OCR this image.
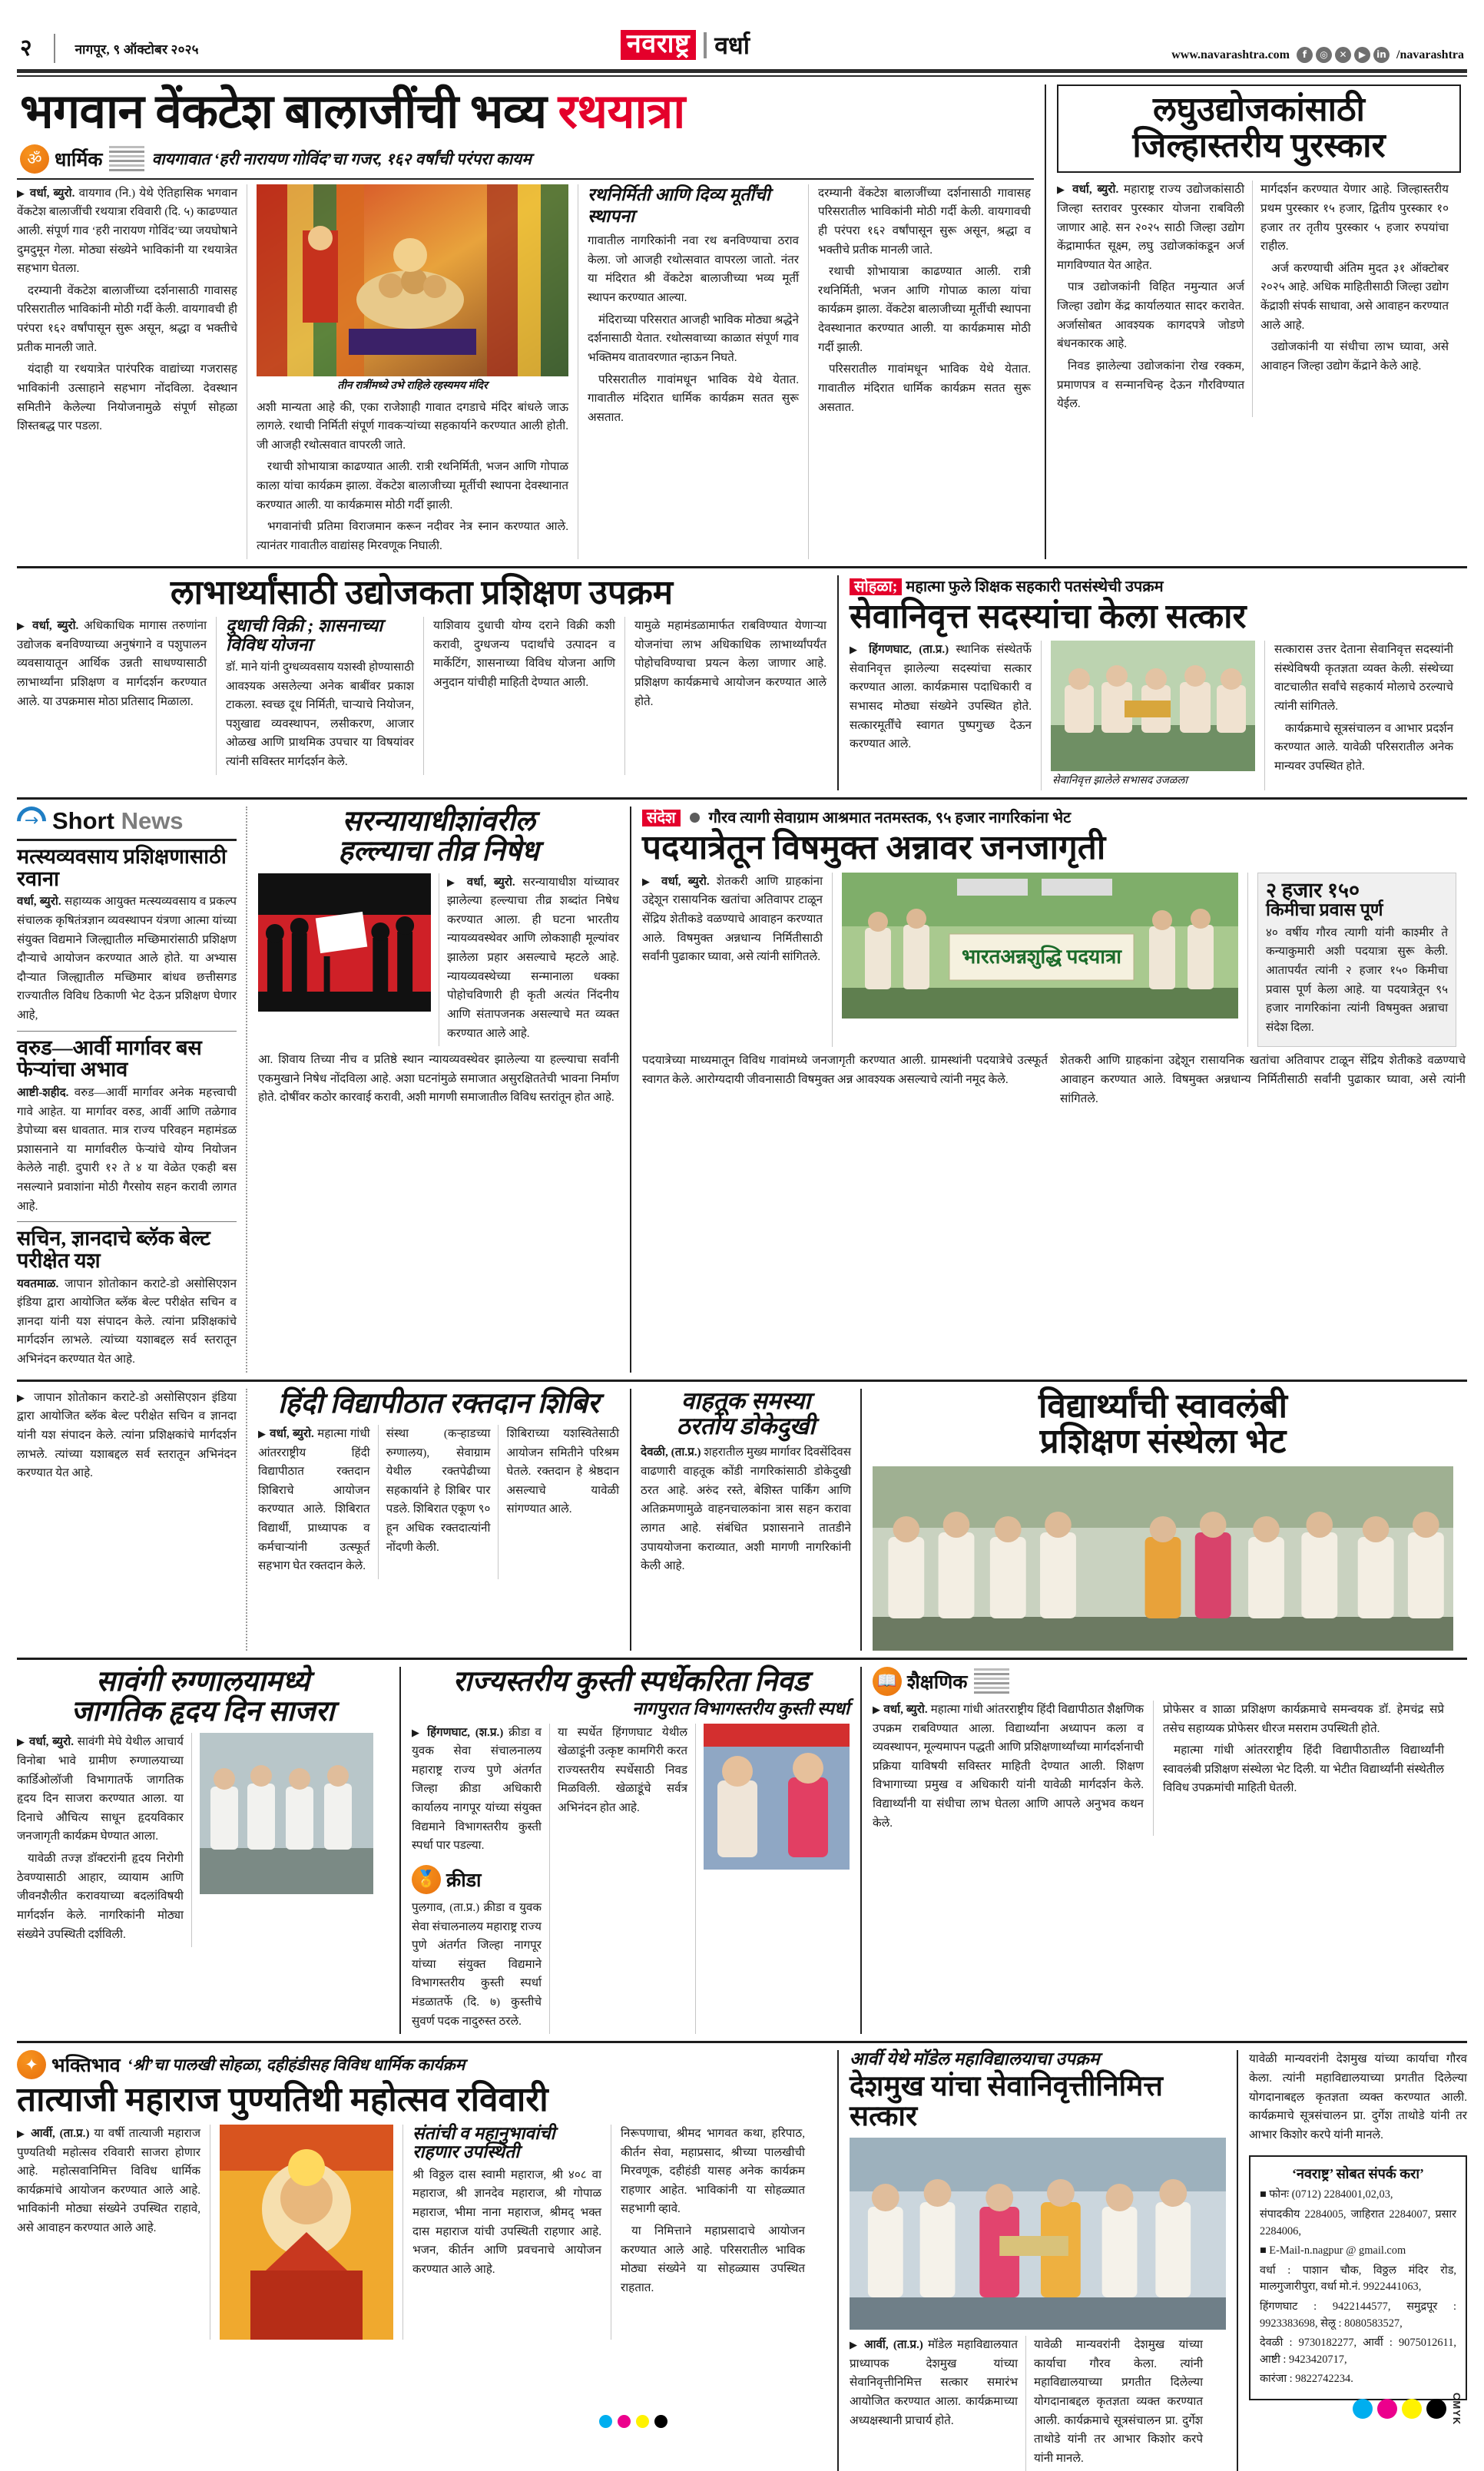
२	नागपूर, ९ ऑक्टोबर २०२५	नवराष्ट्र वर्धा	www.navarashtra.com	f	◎	✕	▶	in /navarashtra
भगवान वेंकटेश बालाजींची भव्य रथयात्रा
ॐ धार्मिक	वायगावात ‘हरी नारायण गोविंद’चा गजर, १६२ वर्षांची परंपरा कायम

▶ वर्धा, ब्युरो. वायगाव (नि.) येथे ऐतिहासिक भगवान वेंकटेश बालाजींची रथयात्रा रविवारी (दि. ५) काढण्यात आली. संपूर्ण गाव ‘हरी नारायण गोविंद’च्या जयघोषाने दुमदुमून गेला. मोठ्या संख्येने भाविकांनी या रथयात्रेत सहभाग घेतला.

दरम्यानी वेंकटेश बालाजींच्या दर्शनासाठी गावासह परिसरातील भाविकांनी मोठी गर्दी केली. वायगावची ही परंपरा १६२ वर्षांपासून सुरू असून, श्रद्धा व भक्तीचे प्रतीक मानली जाते.

यंदाही या रथयात्रेत पारंपरिक वाद्यांच्या गजरासह भाविकांनी उत्साहाने सहभाग नोंदविला. देवस्थान समितीने केलेल्या नियोजनामुळे संपूर्ण सोहळा शिस्तबद्ध पार पडला.

तीन रात्रींमध्ये उभे राहिले रहस्यमय मंदिर

अशी मान्यता आहे की, एका राजेशाही गावात दगडाचे मंदिर बांधले जाऊ लागले. रथाची निर्मिती संपूर्ण गावकऱ्यांच्या सहकार्याने करण्यात आली होती. जी आजही रथोत्सवात वापरली जाते.

रथाची शोभायात्रा काढण्यात आली. रात्री रथनिर्मिती, भजन आणि गोपाळ काला यांचा कार्यक्रम झाला. वेंकटेश बालाजीच्या मूर्तीची स्थापना देवस्थानात करण्यात आली. या कार्यक्रमास मोठी गर्दी झाली.

भगवानांची प्रतिमा विराजमान करून नदीवर नेत्र स्नान करण्यात आले. त्यानंतर गावातील वाद्यांसह मिरवणूक निघाली.

रथनिर्मिती आणि दिव्य मूर्तींची स्थापना

गावातील नागरिकांनी नवा रथ बनविण्याचा ठराव केला. जो आजही रथोत्सवात वापरला जातो. नंतर या मंदिरात श्री वेंकटेश बालाजीच्या भव्य मूर्ती स्थापन करण्यात आल्या.

मंदिराच्या परिसरात आजही भाविक मोठ्या श्रद्धेने दर्शनासाठी येतात. रथोत्सवाच्या काळात संपूर्ण गाव भक्तिमय वातावरणात न्हाऊन निघते.

परिसरातील गावांमधून भाविक येथे येतात. गावातील मंदिरात धार्मिक कार्यक्रम सतत सुरू असतात.

दरम्यानी वेंकटेश बालाजींच्या दर्शनासाठी गावासह परिसरातील भाविकांनी मोठी गर्दी केली. वायगावची ही परंपरा १६२ वर्षांपासून सुरू असून, श्रद्धा व भक्तीचे प्रतीक मानली जाते.

रथाची शोभायात्रा काढण्यात आली. रात्री रथनिर्मिती, भजन आणि गोपाळ काला यांचा कार्यक्रम झाला. वेंकटेश बालाजीच्या मूर्तीची स्थापना देवस्थानात करण्यात आली. या कार्यक्रमास मोठी गर्दी झाली.

परिसरातील गावांमधून भाविक येथे येतात. गावातील मंदिरात धार्मिक कार्यक्रम सतत सुरू असतात.

लघुउद्योजकांसाठी
जिल्हास्तरीय पुरस्कार

▶ वर्धा, ब्युरो. महाराष्ट्र राज्य उद्योजकांसाठी जिल्हा स्तरावर पुरस्कार योजना राबविली जाणार आहे. सन २०२५ साठी जिल्हा उद्योग केंद्रामार्फत सूक्ष्म, लघु उद्योजकांकडून अर्ज मागविण्यात येत आहेत.

पात्र उद्योजकांनी विहित नमुन्यात अर्ज जिल्हा उद्योग केंद्र कार्यालयात सादर करावेत. अर्जासोबत आवश्यक कागदपत्रे जोडणे बंधनकारक आहे.

निवड झालेल्या उद्योजकांना रोख रक्कम, प्रमाणपत्र व सन्मानचिन्ह देऊन गौरविण्यात येईल.

मार्गदर्शन करण्यात येणार आहे. जिल्हास्तरीय प्रथम पुरस्कार १५ हजार, द्वितीय पुरस्कार १० हजार तर तृतीय पुरस्कार ५ हजार रुपयांचा राहील.

अर्ज करण्याची अंतिम मुदत ३१ ऑक्टोबर २०२५ आहे. अधिक माहितीसाठी जिल्हा उद्योग केंद्राशी संपर्क साधावा, असे आवाहन करण्यात आले आहे.

उद्योजकांनी या संधीचा लाभ घ्यावा, असे आवाहन जिल्हा उद्योग केंद्राने केले आहे.

लाभार्थ्यांसाठी उद्योजकता प्रशिक्षण उपक्रम

▶ वर्धा, ब्युरो. अधिकाधिक मागास तरुणांना उद्योजक बनविण्याच्या अनुषंगाने व पशुपालन व्यवसायातून आर्थिक उन्नती साधण्यासाठी लाभार्थ्यांना प्रशिक्षण व मार्गदर्शन करण्यात आले. या उपक्रमास मोठा प्रतिसाद मिळाला.

दुधाची विक्री ; शासनाच्या विविध योजना

डॉ. माने यांनी दुग्धव्यवसाय यशस्वी होण्यासाठी आवश्यक असलेल्या अनेक बाबींवर प्रकाश टाकला. स्वच्छ दूध निर्मिती, चाऱ्याचे नियोजन, पशुखाद्य व्यवस्थापन, लसीकरण, आजार ओळख आणि प्राथमिक उपचार या विषयांवर त्यांनी सविस्तर मार्गदर्शन केले.

याशिवाय दुधाची योग्य दराने विक्री कशी करावी, दुग्धजन्य पदार्थांचे उत्पादन व मार्केटिंग, शासनाच्या विविध योजना आणि अनुदान यांचीही माहिती देण्यात आली.

यामुळे महामंडळामार्फत राबविण्यात येणाऱ्या योजनांचा लाभ अधिकाधिक लाभार्थ्यांपर्यंत पोहोचविण्याचा प्रयत्न केला जाणार आहे. प्रशिक्षण कार्यक्रमाचे आयोजन करण्यात आले होते.

सोहळा; महात्मा फुले शिक्षक सहकारी पतसंस्थेची उपक्रम
सेवानिवृत्त सदस्यांचा केला सत्कार

▶ हिंगणघाट, (ता.प्र.) स्थानिक संस्थेतर्फे सेवानिवृत्त झालेल्या सदस्यांचा सत्कार करण्यात आला. कार्यक्रमास पदाधिकारी व सभासद मोठ्या संख्येने उपस्थित होते. सत्कारमूर्तींचे स्वागत पुष्पगुच्छ देऊन करण्यात आले.

सेवानिवृत्त झालेले सभासद उजळला

सत्कारास उत्तर देताना सेवानिवृत्त सदस्यांनी संस्थेविषयी कृतज्ञता व्यक्त केली. संस्थेच्या वाटचालीत सर्वांचे सहकार्य मोलाचे ठरल्याचे त्यांनी सांगितले.

कार्यक्रमाचे सूत्रसंचालन व आभार प्रदर्शन करण्यात आले. यावेळी परिसरातील अनेक मान्यवर उपस्थित होते.

→
Short News
मत्स्यव्यवसाय प्रशिक्षणासाठी रवाना

वर्धा, ब्युरो. सहाय्यक आयुक्त मत्स्यव्यवसाय व प्रकल्प संचालक कृषितंत्रज्ञान व्यवस्थापन यंत्रणा आत्मा यांच्या संयुक्त विद्यमाने जिल्ह्यातील मच्छिमारांसाठी प्रशिक्षण दौऱ्याचे आयोजन करण्यात आले होते. या अभ्यास दौऱ्यात जिल्ह्यातील मच्छिमार बांधव छत्तीसगड राज्यातील विविध ठिकाणी भेट देऊन प्रशिक्षण घेणार आहे,

वरुड—आर्वी मार्गावर बस फेऱ्यांचा अभाव

आष्टी-शहीद. वरुड—आर्वी मार्गावर अनेक महत्त्वाची गावे आहेत. या मार्गावर वरुड, आर्वी आणि तळेगाव डेपोच्या बस धावतात. मात्र राज्य परिवहन महामंडळ प्रशासनाने या मार्गावरील फेऱ्यांचे योग्य नियोजन केलेले नाही. दुपारी १२ ते ४ या वेळेत एकही बस नसल्याने प्रवाशांना मोठी गैरसोय सहन करावी लागत आहे.

सचिन, ज्ञानदाचे ब्लॅक बेल्ट परीक्षेत यश

यवतमाळ. जापान शोतोकान कराटे-डो असोसिएशन इंडिया द्वारा आयोजित ब्लॅक बेल्ट परीक्षेत सचिन व ज्ञानदा यांनी यश संपादन केले. त्यांना प्रशिक्षकांचे मार्गदर्शन लाभले. त्यांच्या यशाबद्दल सर्व स्तरातून अभिनंदन करण्यात येत आहे.

सरन्यायाधीशांवरील
हल्ल्याचा तीव्र निषेध

▶ वर्धा, ब्युरो. सरन्यायाधीश यांच्यावर झालेल्या हल्ल्याचा तीव्र शब्दांत निषेध करण्यात आला. ही घटना भारतीय न्यायव्यवस्थेवर आणि लोकशाही मूल्यांवर झालेला प्रहार असल्याचे म्हटले आहे. न्यायव्यवस्थेच्या सन्मानाला धक्का पोहोचविणारी ही कृती अत्यंत निंदनीय आणि संतापजनक असल्याचे मत व्यक्त करण्यात आले आहे.

आ. शिवाय तिच्या नीच व प्रतिष्ठे स्थान न्यायव्यवस्थेवर झालेल्या या हल्ल्याचा सर्वांनी एकमुखाने निषेध नोंदविला आहे. अशा घटनांमुळे समाजात असुरक्षिततेची भावना निर्माण होते. दोषींवर कठोर कारवाई करावी, अशी मागणी समाजातील विविध स्तरांतून होत आहे.

संदेश गौरव त्यागी सेवाग्राम आश्रमात नतमस्तक, ९५ हजार नागरिकांना भेट
पदयात्रेतून विषमुक्त अन्नावर जनजागृती

▶ वर्धा, ब्युरो. शेतकरी आणि ग्राहकांना उद्देशून रासायनिक खतांचा अतिवापर टाळून सेंद्रिय शेतीकडे वळण्याचे आवाहन करण्यात आले. विषमुक्त अन्नधान्य निर्मितीसाठी सर्वांनी पुढाकार घ्यावा, असे त्यांनी सांगितले.	भारतअन्नशुद्धि पदयात्रा
२ हजार १५०
किमीचा प्रवास पूर्ण

४० वर्षीय गौरव त्यागी यांनी काश्मीर ते कन्याकुमारी अशी पदयात्रा सुरू केली. आतापर्यंत त्यांनी २ हजार १५० किमीचा प्रवास पूर्ण केला आहे. या पदयात्रेतून ९५ हजार नागरिकांना त्यांनी विषमुक्त अन्नाचा संदेश दिला.

पदयात्रेच्या माध्यमातून विविध गावांमध्ये जनजागृती करण्यात आली. ग्रामस्थांनी पदयात्रेचे उत्स्फूर्त स्वागत केले. आरोग्यदायी जीवनासाठी विषमुक्त अन्न आवश्यक असल्याचे त्यांनी नमूद केले.

शेतकरी आणि ग्राहकांना उद्देशून रासायनिक खतांचा अतिवापर टाळून सेंद्रिय शेतीकडे वळण्याचे आवाहन करण्यात आले. विषमुक्त अन्नधान्य निर्मितीसाठी सर्वांनी पुढाकार घ्यावा, असे त्यांनी सांगितले.

▶ जापान शोतोकान कराटे-डो असोसिएशन इंडिया द्वारा आयोजित ब्लॅक बेल्ट परीक्षेत सचिन व ज्ञानदा यांनी यश संपादन केले. त्यांना प्रशिक्षकांचे मार्गदर्शन लाभले. त्यांच्या यशाबद्दल सर्व स्तरातून अभिनंदन करण्यात येत आहे.

हिंदी विद्यापीठात रक्तदान शिबिर

▶ वर्धा, ब्युरो. महात्मा गांधी आंतरराष्ट्रीय हिंदी विद्यापीठात रक्तदान शिबिराचे आयोजन करण्यात आले. शिबिरात विद्यार्थी, प्राध्यापक व कर्मचाऱ्यांनी उत्स्फूर्त सहभाग घेत रक्तदान केले.

संस्था (कऱ्हाडच्या रुग्णालय), सेवाग्राम येथील रक्तपेढीच्या सहकार्याने हे शिबिर पार पडले. शिबिरात एकूण ९० हून अधिक रक्तदात्यांनी नोंदणी केली.

शिबिराच्या यशस्वितेसाठी आयोजन समितीने परिश्रम घेतले. रक्तदान हे श्रेष्ठदान असल्याचे यावेळी सांगण्यात आले.

वाहतूक समस्या
ठरतोय डोकेदुखी

देवळी, (ता.प्र.) शहरातील मुख्य मार्गावर दिवसेंदिवस वाढणारी वाहतूक कोंडी नागरिकांसाठी डोकेदुखी ठरत आहे. अरुंद रस्ते, बेशिस्त पार्किंग आणि अतिक्रमणामुळे वाहनचालकांना त्रास सहन करावा लागत आहे. संबंधित प्रशासनाने तातडीने उपाययोजना कराव्यात, अशी मागणी नागरिकांनी केली आहे.

विद्यार्थ्यांची स्वावलंबी
प्रशिक्षण संस्थेला भेट
सावंगी रुग्णालयामध्ये
जागतिक हृदय दिन साजरा

▶ वर्धा, ब्युरो. सावंगी मेघे येथील आचार्य विनोबा भावे ग्रामीण रुग्णालयाच्या कार्डिओलॉजी विभागातर्फे जागतिक हृदय दिन साजरा करण्यात आला. या दिनाचे औचित्य साधून हृदयविकार जनजागृती कार्यक्रम घेण्यात आला.

यावेळी तज्ज्ञ डॉक्टरांनी हृदय निरोगी ठेवण्यासाठी आहार, व्यायाम आणि जीवनशैलीत करावयाच्या बदलांविषयी मार्गदर्शन केले. नागरिकांनी मोठ्या संख्येने उपस्थिती दर्शविली.

राज्यस्तरीय कुस्ती स्पर्धेकरिता निवड
नागपुरात विभागस्तरीय कुस्ती स्पर्धा

▶ हिंगणघाट, (श.प्र.) क्रीडा व युवक सेवा संचालनालय महाराष्ट्र राज्य पुणे अंतर्गत जिल्हा क्रीडा अधिकारी कार्यालय नागपूर यांच्या संयुक्त विद्यमाने विभागस्तरीय कुस्ती स्पर्धा पार पडल्या.

🏅 क्रीडा

पुलगाव, (ता.प्र.) क्रीडा व युवक सेवा संचालनालय महाराष्ट्र राज्य पुणे अंतर्गत जिल्हा नागपूर यांच्या संयुक्त विद्यमाने विभागस्तरीय कुस्ती स्पर्धा मंडळातर्फे (दि. ७) कुस्तीचे सुवर्ण पदक नादुरुस्त ठरले.

या स्पर्धेत हिंगणघाट येथील खेळाडूंनी उत्कृष्ट कामगिरी करत राज्यस्तरीय स्पर्धेसाठी निवड मिळविली. खेळाडूंचे सर्वत्र अभिनंदन होत आहे.

📖 शैक्षणिक

▶ वर्धा, ब्युरो. महात्मा गांधी आंतरराष्ट्रीय हिंदी विद्यापीठात शैक्षणिक उपक्रम राबविण्यात आला. विद्यार्थ्यांना अध्यापन कला व व्यवस्थापन, मूल्यमापन पद्धती आणि प्रशिक्षणार्थ्यांच्या मार्गदर्शनाची प्रक्रिया याविषयी सविस्तर माहिती देण्यात आली. शिक्षण विभागाच्या प्रमुख व अधिकारी यांनी यावेळी मार्गदर्शन केले. विद्यार्थ्यांनी या संधीचा लाभ घेतला आणि आपले अनुभव कथन केले.

प्रोफेसर व शाळा प्रशिक्षण कार्यक्रमाचे समन्वयक डॉ. हेमचंद्र सप्रे तसेच सहाय्यक प्रोफेसर धीरज मसराम उपस्थिती होते.

महात्मा गांधी आंतरराष्ट्रीय हिंदी विद्यापीठातील विद्यार्थ्यांनी स्वावलंबी प्रशिक्षण संस्थेला भेट दिली. या भेटीत विद्यार्थ्यांनी संस्थेतील विविध उपक्रमांची माहिती घेतली.

✦ भक्तिभाव ‘श्री’चा पालखी सोहळा, दहीहंडीसह विविध धार्मिक कार्यक्रम
तात्याजी महाराज पुण्यतिथी महोत्सव रविवारी

▶ आर्वी, (ता.प्र.) या वर्षी तात्याजी महाराज पुण्यतिथी महोत्सव रविवारी साजरा होणार आहे. महोत्सवानिमित्त विविध धार्मिक कार्यक्रमांचे आयोजन करण्यात आले आहे. भाविकांनी मोठ्या संख्येने उपस्थित राहावे, असे आवाहन करण्यात आले आहे.

संतांची व महानुभावांची राहणार उपस्थिती

श्री विठ्ठल दास स्वामी महाराज, श्री ४०८ वा महाराज, श्री ज्ञानदेव महाराज, श्री गोपाळ महाराज, भीमा नाना महाराज, श्रीमद् भक्त दास महाराज यांची उपस्थिती राहणार आहे. भजन, कीर्तन आणि प्रवचनाचे आयोजन करण्यात आले आहे.

निरूपणाचा, श्रीमद भागवत कथा, हरिपाठ, कीर्तन सेवा, महाप्रसाद, श्रीच्या पालखीची मिरवणूक, दहीहंडी यासह अनेक कार्यक्रम राहणार आहेत. भाविकांनी या सोहळ्यात सहभागी व्हावे.

या निमित्ताने महाप्रसादाचे आयोजन करण्यात आले आहे. परिसरातील भाविक मोठ्या संख्येने या सोहळ्यास उपस्थित राहतात.

आर्वी येथे मॉडेल महाविद्यालयाचा उपक्रम
देशमुख यांचा सेवानिवृत्तीनिमित्त सत्कार

▶ आर्वी, (ता.प्र.) मॉडेल महाविद्यालयात प्राध्यापक देशमुख यांच्या सेवानिवृत्तीनिमित्त सत्कार समारंभ आयोजित करण्यात आला. कार्यक्रमाच्या अध्यक्षस्थानी प्राचार्य होते.

यावेळी मान्यवरांनी देशमुख यांच्या कार्याचा गौरव केला. त्यांनी महाविद्यालयाच्या प्रगतीत दिलेल्या योगदानाबद्दल कृतज्ञता व्यक्त करण्यात आली. कार्यक्रमाचे सूत्रसंचालन प्रा. दुर्गेश ताथोडे यांनी तर आभार किशोर करपे यांनी मानले.

यावेळी मान्यवरांनी देशमुख यांच्या कार्याचा गौरव केला. त्यांनी महाविद्यालयाच्या प्रगतीत दिलेल्या योगदानाबद्दल कृतज्ञता व्यक्त करण्यात आली. कार्यक्रमाचे सूत्रसंचालन प्रा. दुर्गेश ताथोडे यांनी तर आभार किशोर करपे यांनी मानले.

‘नवराष्ट्र’ सोबत संपर्क करा’

■ फोनः (0712) 2284001,02,03,

संपादकीय 2284005, जाहिरात 2284007, प्रसार 2284006,

■ E-Mail-n.nagpur @ gmail.com

वर्धा : पाशान चौक, विठ्ठल मंदिर रोड, मालगुजारीपुरा, वर्धा मो.नं. 9922441063,

हिंगणघाट : 9422144577, समुद्रपूर : 9923383698, सेलू : 8080583527,

देवळी : 9730182277, आर्वी : 9075012611, आष्टी : 9423420717,

कारंजा : 9822742234.

CMYK
